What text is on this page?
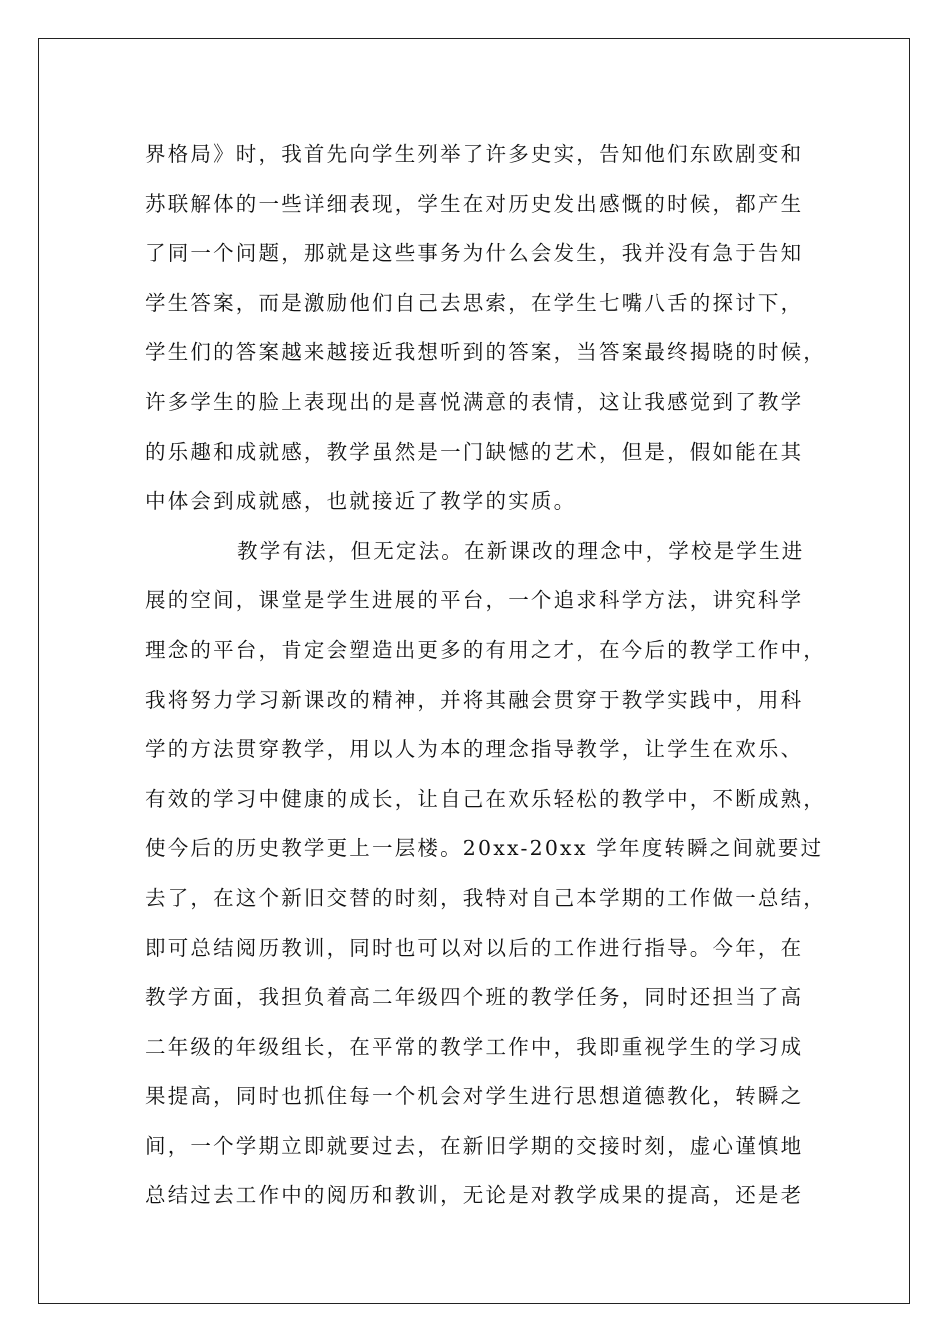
界格局》时，我首先向学生列举了许多史实，告知他们东欧剧变和
苏联解体的一些详细表现，学生在对历史发出感慨的时候，都产生
了同一个问题，那就是这些事务为什么会发生，我并没有急于告知
学生答案，而是激励他们自己去思索，在学生七嘴八舌的探讨下，
学生们的答案越来越接近我想听到的答案，当答案最终揭晓的时候，
许多学生的脸上表现出的是喜悦满意的表情，这让我感觉到了教学
的乐趣和成就感，教学虽然是一门缺憾的艺术，但是，假如能在其
中体会到成就感，也就接近了教学的实质。
教学有法，但无定法。在新课改的理念中，学校是学生进
展的空间，课堂是学生进展的平台，一个追求科学方法，讲究科学
理念的平台，肯定会塑造出更多的有用之才，在今后的教学工作中，
我将努力学习新课改的精神，并将其融会贯穿于教学实践中，用科
学的方法贯穿教学，用以人为本的理念指导教学，让学生在欢乐、
有效的学习中健康的成长，让自己在欢乐轻松的教学中，不断成熟，
使今后的历史教学更上一层楼。20xx-20xx 学年度转瞬之间就要过
去了，在这个新旧交替的时刻，我特对自己本学期的工作做一总结，
即可总结阅历教训，同时也可以对以后的工作进行指导。今年，在
教学方面，我担负着高二年级四个班的教学任务，同时还担当了高
二年级的年级组长，在平常的教学工作中，我即重视学生的学习成
果提高，同时也抓住每一个机会对学生进行思想道德教化，转瞬之
间，一个学期立即就要过去，在新旧学期的交接时刻，虚心谨慎地
总结过去工作中的阅历和教训，无论是对教学成果的提高，还是老
